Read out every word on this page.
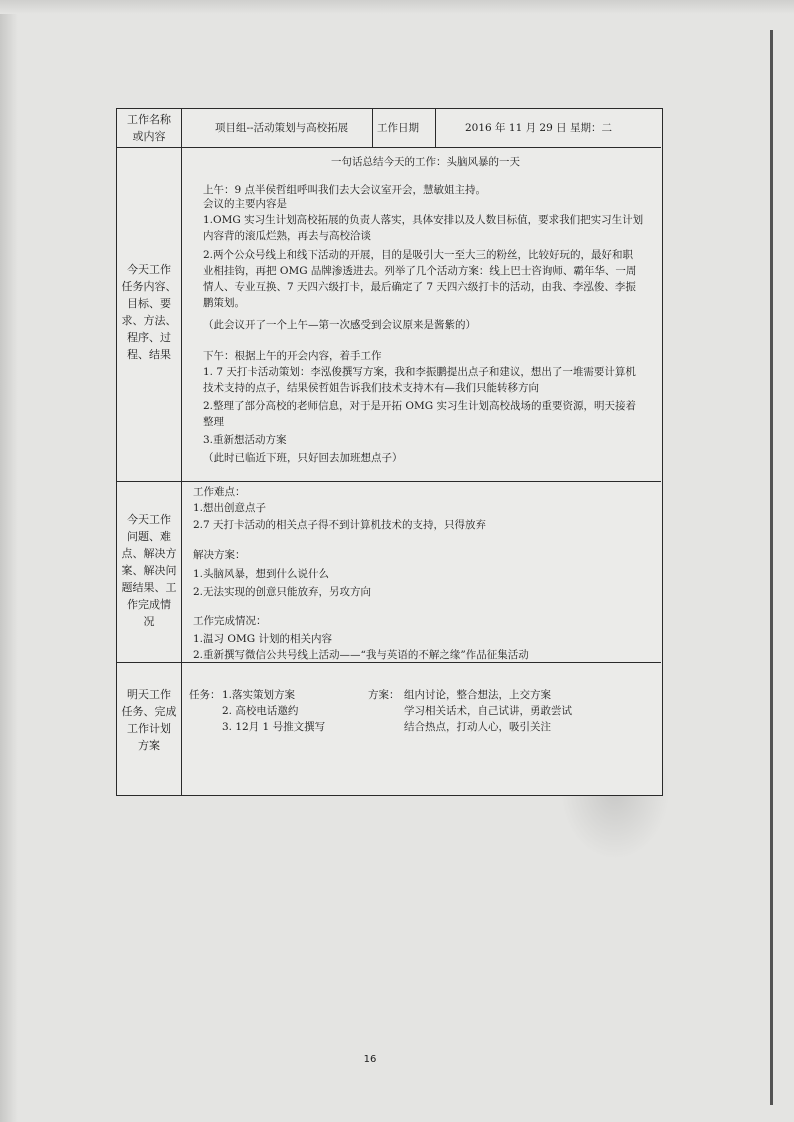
工作名称
或内容
项目组--活动策划与高校拓展	工作日期	2016 年 11 月 29 日 星期：二
今天工作
任务内容、
目标、要
求、方法、
程序、过
程、结果
一句话总结今天的工作：头脑风暴的一天
上午：9 点半侯哲组呼叫我们去大会议室开会，慧敏姐主持。
会议的主要内容是
1.OMG 实习生计划高校拓展的负责人落实，具体安排以及人数目标值，要求我们把实习生计划
内容背的滚瓜烂熟，再去与高校洽谈
2.两个公众号线上和线下活动的开展，目的是吸引大一至大三的粉丝，比较好玩的，最好和职
业相挂钩，再把 OMG 品牌渗透进去。列举了几个活动方案：线上巴士咨询师、霸年华、一周
情人、专业互换、7 天四六级打卡，最后确定了 7 天四六级打卡的活动，由我、李泓俊、李振
鹏策划。
（此会议开了一个上午—第一次感受到会议原来是酱紫的）
下午：根据上午的开会内容，着手工作
1. 7 天打卡活动策划：李泓俊撰写方案，我和李振鹏提出点子和建议，想出了一堆需要计算机
技术支持的点子，结果侯哲姐告诉我们技术支持木有—我们只能转移方向
2.整理了部分高校的老师信息，对于是开拓 OMG 实习生计划高校战场的重要资源，明天接着
整理
3.重新想活动方案
（此时已临近下班，只好回去加班想点子）
今天工作
问题、难
点、解决方
案、解决问
题结果、工
作完成情
况
工作难点：
1.想出创意点子
2.7 天打卡活动的相关点子得不到计算机技术的支持，只得放弃
解决方案：
1.头脑风暴，想到什么说什么
2.无法实现的创意只能放弃，另攻方向
工作完成情况：
1.温习 OMG 计划的相关内容
2.重新撰写微信公共号线上活动——“我与英语的不解之缘”作品征集活动
明天工作
任务、完成
工作计划
方案
任务： 1.落实策划方案
2. 高校电话邀约
3. 12月 1 号推文撰写
方案： 组内讨论，整合想法，上交方案
学习相关话术，自己试讲，勇敢尝试
结合热点，打动人心，吸引关注
16
